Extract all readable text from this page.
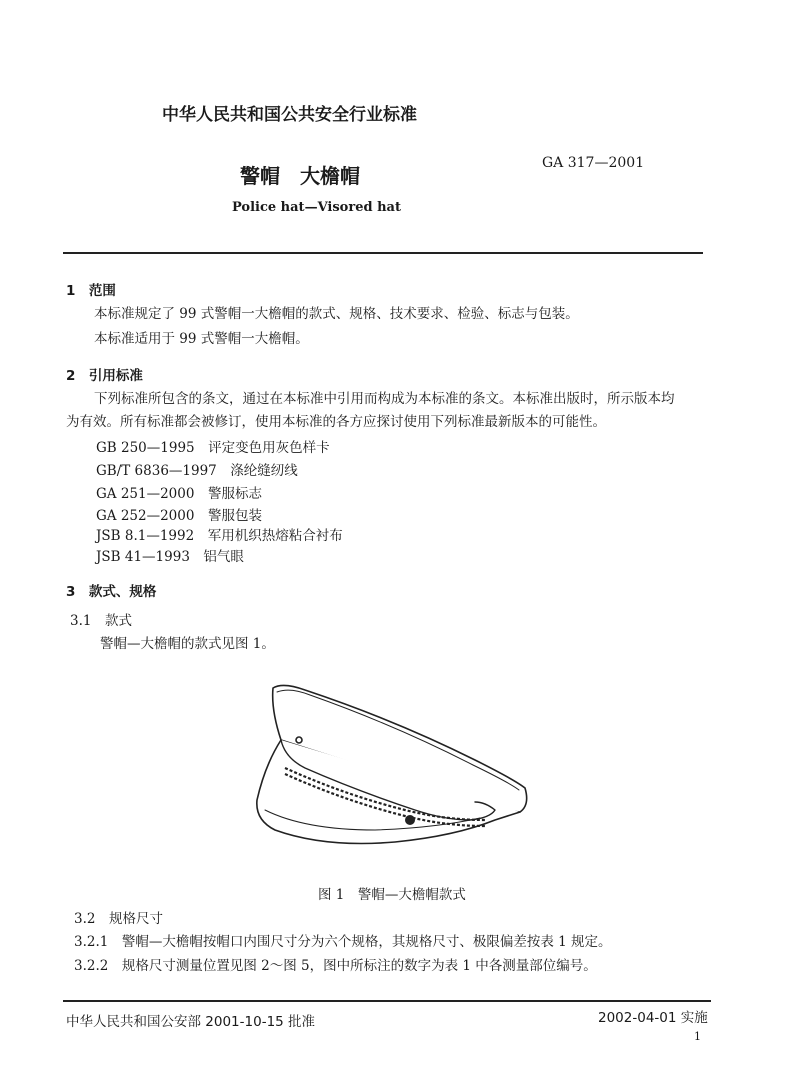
中华人民共和国公共安全行业标准
警帽　大檐帽
GA 317—2001
Police hat—Visored hat
1　范围
本标准规定了 99 式警帽一大檐帽的款式、规格、技术要求、检验、标志与包装。
本标准适用于 99 式警帽一大檐帽。
2　引用标准
下列标准所包含的条文，通过在本标准中引用而构成为本标准的条文。本标准出版时，所示版本均
为有效。所有标准都会被修订，使用本标准的各方应探讨使用下列标准最新版本的可能性。
GB 250—1995　评定变色用灰色样卡
GB/T 6836—1997　涤纶缝纫线
GA 251—2000　警服标志
GA 252—2000　警服包装
JSB 8.1—1992　军用机织热熔粘合衬布
JSB 41—1993　铝气眼
3　款式、规格
3.1　款式
警帽—大檐帽的款式见图 1。
图 1　警帽—大檐帽款式
3.2　规格尺寸
3.2.1　警帽—大檐帽按帽口内围尺寸分为六个规格，其规格尺寸、极限偏差按表 1 规定。
3.2.2　规格尺寸测量位置见图 2～图 5，图中所标注的数字为表 1 中各测量部位编号。
中华人民共和国公安部 2001-10-15 批准	2002-04-01 实施
1
